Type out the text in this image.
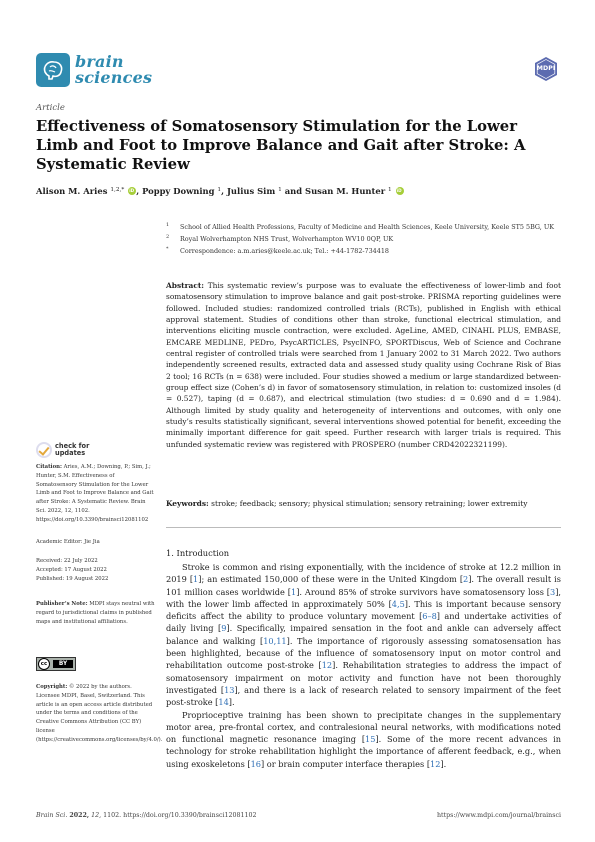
brain
sciences	MDPI
Article
Effectiveness of Somatosensory Stimulation for the Lower Limb and Foot to Improve Balance and Gait after Stroke: A Systematic Review
Alison M. Aries $^{1,2,*}$ iD , Poppy Downing $^1$, Julius Sim $^1$ and Susan M. Hunter $^1$ iD
1 School of Allied Health Professions, Faculty of Medicine and Health Sciences, Keele University, Keele ST5 5BG, UK
2 Royal Wolverhampton NHS Trust, Wolverhampton WV10 0QP, UK
* Correspondence: a.m.aries@keele.ac.uk; Tel.: +44-1782-734418
Abstract: This systematic review’s purpose was to evaluate the effectiveness of lower-limb and foot somatosensory stimulation to improve balance and gait post-stroke. PRISMA reporting guidelines were followed. Included studies: randomized controlled trials (RCTs), published in English with ethical approval statement. Studies of conditions other than stroke, functional electrical stimulation, and interventions eliciting muscle contraction, were excluded. AgeLine, AMED, CINAHL PLUS, EMBASE, EMCARE MEDLINE, PEDro, PsycARTICLES, PsycINFO, SPORTDiscus, Web of Science and Cochrane central register of controlled trials were searched from 1 January 2002 to 31 March 2022. Two authors independently screened results, extracted data and assessed study quality using Cochrane Risk of Bias 2 tool; 16 RCTs (n = 638) were included. Four studies showed a medium or large standardized between-group effect size (Cohen’s d) in favor of somatosensory stimulation, in relation to: customized insoles (d = 0.527), taping (d = 0.687), and electrical stimulation (two studies: d = 0.690 and d = 1.984). Although limited by study quality and heterogeneity of interventions and outcomes, with only one study’s results statistically significant, several interventions showed potential for benefit, exceeding the minimally important difference for gait speed. Further research with larger trials is required. This unfunded systematic review was registered with PROSPERO (number CRD42022321199).
Keywords: stroke; feedback; sensory; physical stimulation; sensory retraining; lower extremity
check for
updates
Citation: Aries, A.M.; Downing, P.; Sim, J.; Hunter, S.M. Effectiveness of Somatosensory Stimulation for the Lower Limb and Foot to Improve Balance and Gait after Stroke: A Systematic Review. Brain Sci. 2022, 12, 1102. https://doi.org/10.3390/brainsci12081102
Academic Editor: Jie Jia
Received: 22 July 2022
Accepted: 17 August 2022
Published: 19 August 2022
Publisher’s Note: MDPI stays neutral with regard to jurisdictional claims in published maps and institutional affiliations.
cc	BY
Copyright: © 2022 by the authors. Licensee MDPI, Basel, Switzerland. This article is an open access article distributed under the terms and conditions of the Creative Commons Attribution (CC BY) license (https://creativecommons.org/licenses/by/4.0/).
1. Introduction

Stroke is common and rising exponentially, with the incidence of stroke at 12.2 million in 2019 [1]; an estimated 150,000 of these were in the United Kingdom [2]. The overall result is 101 million cases worldwide [1]. Around 85% of stroke survivors have somatosensory loss [3], with the lower limb affected in approximately 50% [4,5]. This is important because sensory deficits affect the ability to produce voluntary movement [6–8] and undertake activities of daily living [9]. Specifically, impaired sensation in the foot and ankle can adversely affect balance and walking [10,11]. The importance of rigorously assessing somatosensation has been highlighted, because of the influence of somatosensory input on motor control and rehabilitation outcome post-stroke [12]. Rehabilitation strategies to address the impact of somatosensory impairment on motor activity and function have not been thoroughly investigated [13], and there is a lack of research related to sensory impairment of the feet post-stroke [14].

Proprioceptive training has been shown to precipitate changes in the supplementary motor area, pre-frontal cortex, and contralesional neural networks, with modifications noted on functional magnetic resonance imaging [15]. Some of the more recent advances in technology for stroke rehabilitation highlight the importance of afferent feedback, e.g., when using exoskeletons [16] or brain computer interface therapies [12].

Brain Sci. 2022, 12, 1102. https://doi.org/10.3390/brainsci12081102	https://www.mdpi.com/journal/brainsci
